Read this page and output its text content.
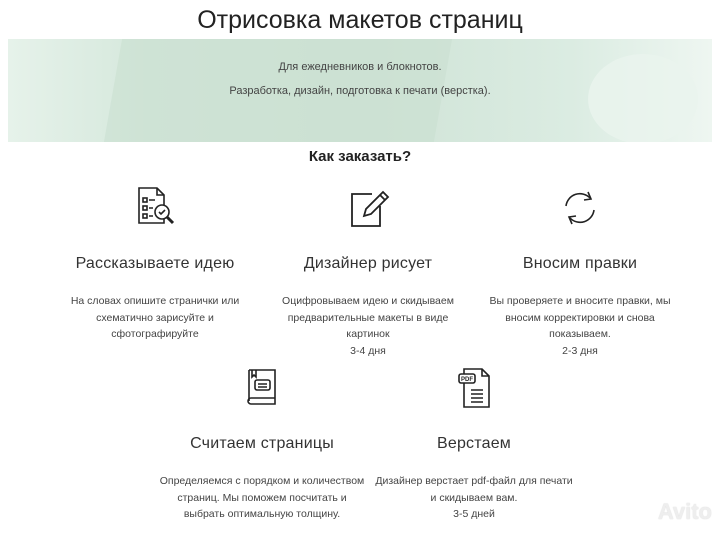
Отрисовка макетов страниц

Для ежедневников и блокнотов.

Разработка, дизайн, подготовка к печати (верстка).

Как заказать?
Рассказываете идею

На словах опишите странички или
схематично зарисуйте и
сфотографируйте

Дизайнер рисует

Оцифровываем идею и скидываем
предварительные макеты в виде
картинок
3-4 дня

Вносим правки

Вы проверяете и вносите правки, мы
вносим корректировки и снова
показываем.
2-3 дня

Считаем страницы

Определяемся с порядком и количеством
страниц. Мы поможем посчитать и
выбрать оптимальную толщину.

PDF
Верстаем

Дизайнер верстает pdf-файл для печати
и скидываем вам.
3-5 дней	Avito
